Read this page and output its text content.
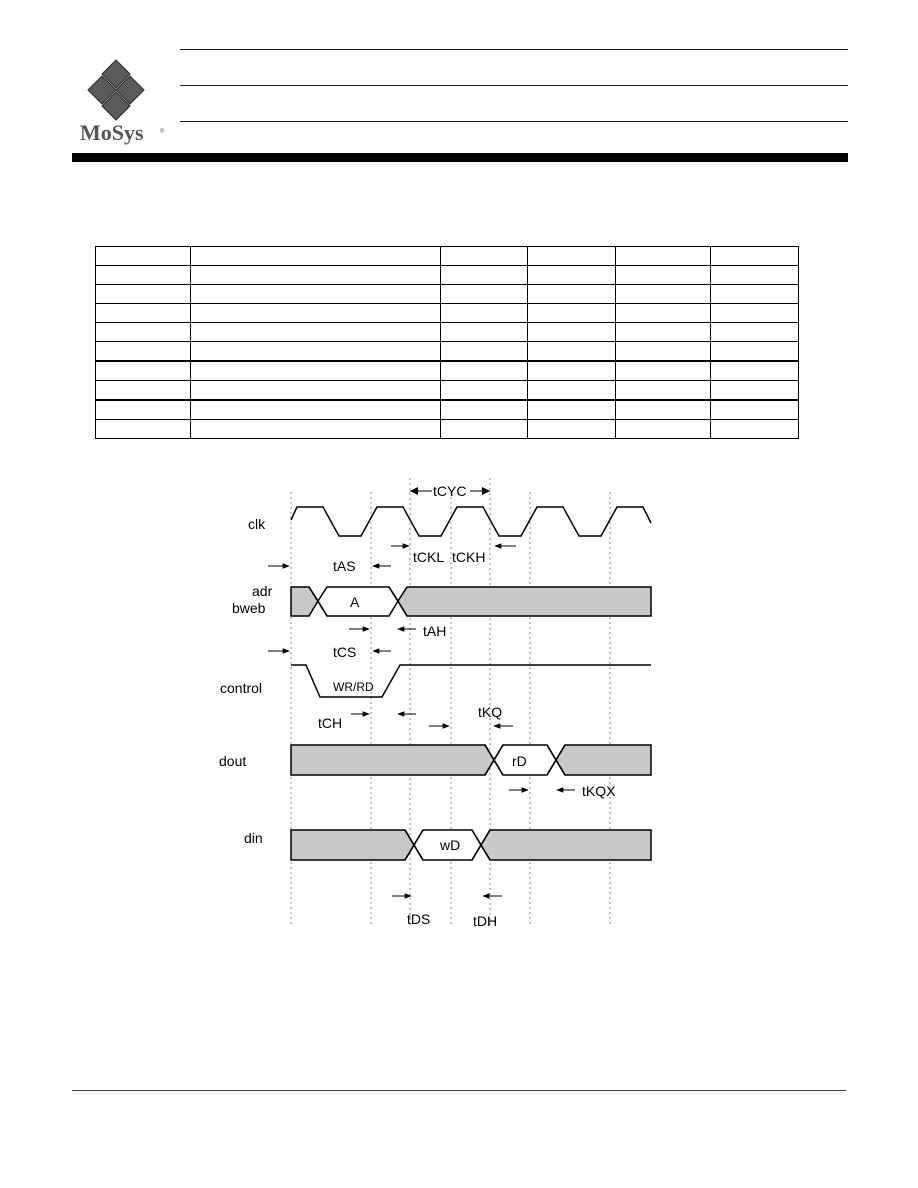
MoSys	®

clk
tCYC
tCKL tCKH
tAS
adr
bweb	A
tAH
tCS
control	WR/RD
tCH
tKQ
dout	rD
tKQX
din	wD
tDS	tDH
